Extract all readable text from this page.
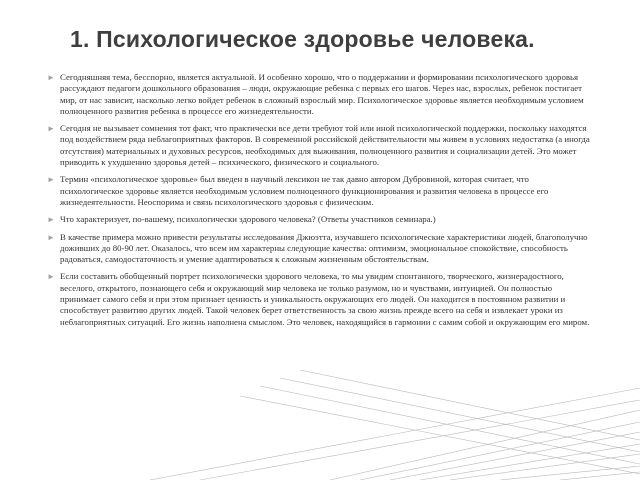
1. Психологическое здоровье человека.

► Сегодняшняя тема, бесспорно, является актуальной. И особенно хорошо, что о поддержании и формировании психологического здоровья рассуждают педагоги дошкольного образования – люди, окружающие ребенка с первых его шагов. Через нас, взрослых, ребенок постигает мир, от нас зависит, насколько легко войдет ребенок в сложный взрослый мир. Психологическое здоровье является необходимым условием полноценного развития ребенка в процессе его жизнедеятельности.

► Сегодня не вызывает сомнения тот факт, что практически все дети требуют той или иной психологической поддержки, поскольку находятся под воздействием ряда неблагоприятных факторов. В современной российской действительности мы живем в условиях недостатка (а иногда отсутствия) материальных и духовных ресурсов, необходимых для выживания, полноценного развития и социализации детей. Это может приводить к ухудшению здоровья детей – психического, физического и социального.

► Термин «психологическое здоровье» был введен в научный лексикон не так давно автором Дубровиной, которая считает, что психологическое здоровье является необходимым условием полноценного функционирования и развития человека в процессе его жизнедеятельности. Неоспорима и связь психологического здоровья с физическим.

► Что характеризует, по-вашему, психологически здорового человека? (Ответы участников семинара.)

► В качестве примера можно привести результаты исследования Джюэтта, изучавшего психологические характеристики людей, благополучно доживших до 80-90 лет. Оказалось, что всем им характерны следующие качества: оптимизм, эмоциональное спокойствие, способность радоваться, самодостаточность и умение адаптироваться к сложным жизненным обстоятельствам.

► Если составить обобщенный портрет психологически здорового человека, то мы увидим спонтанного, творческого, жизнерадостного, веселого, открытого, познающего себя и окружающий мир человека не только разумом, но и чувствами, интуицией. Он полностью принимает самого себя и при этом признает ценность и уникальность окружающих его людей. Он находится в постоянном развитии и способствует развитию других людей. Такой человек берет ответственность за свою жизнь прежде всего на себя и извлекает уроки из неблагоприятных ситуаций. Его жизнь наполнена смыслом. Это человек, находящийся в гармонии с самим собой и окружающим его миром.
